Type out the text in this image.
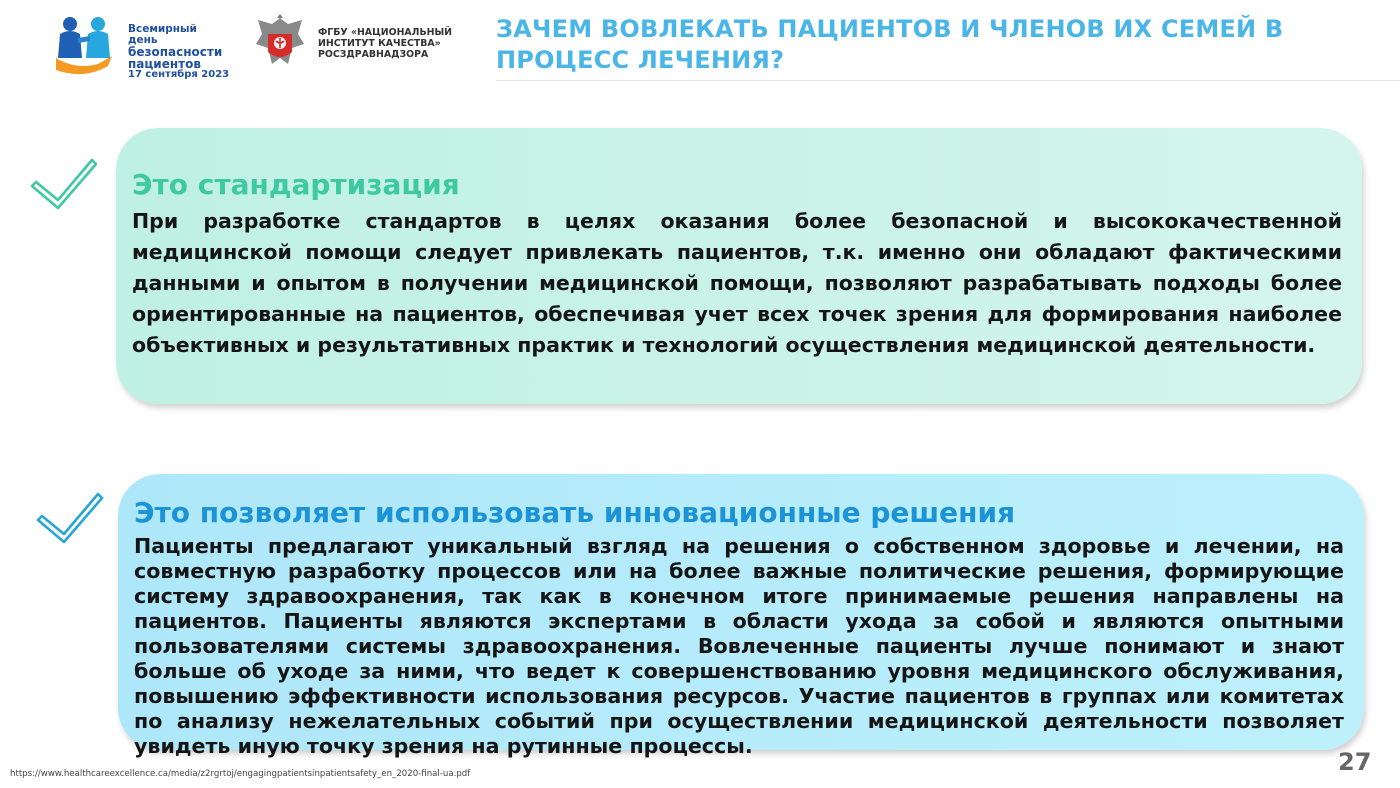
Всемирный день
безопасности
пациентов
17 сентября 2023
ФГБУ «НАЦИОНАЛЬНЫЙ
ИНСТИТУТ КАЧЕСТВА»
РОСЗДРАВНАДЗОРА
ЗАЧЕМ ВОВЛЕКАТЬ ПАЦИЕНТОВ И ЧЛЕНОВ ИХ СЕМЕЙ В ПРОЦЕСС ЛЕЧЕНИЯ?
Это стандартизация

При разработке стандартов в целях оказания более безопасной и высококачественной медицинской помощи следует привлекать пациентов, т.к. именно они обладают фактическими данными и опытом в получении медицинской помощи, позволяют разрабатывать подходы более ориентированные на пациентов, обеспечивая учет всех точек зрения для формирования наиболее объективных и результативных практик и технологий осуществления медицинской деятельности.

Это позволяет использовать инновационные решения

Пациенты предлагают уникальный взгляд на решения о собственном здоровье и лечении, на совместную разработку процессов или на более важные политические решения, формирующие систему здравоохранения, так как в конечном итоге принимаемые решения направлены на пациентов. Пациенты являются экспертами в области ухода за собой и являются опытными пользователями системы здравоохранения. Вовлеченные пациенты лучше понимают и знают больше об уходе за ними, что ведет к совершенствованию уровня медицинского обслуживания, повышению эффективности использования ресурсов. Участие пациентов в группах или комитетах по анализу нежелательных событий при осуществлении медицинской деятельности позволяет увидеть иную точку зрения на рутинные процессы.

https://www.healthcareexcellence.ca/media/z2rgrtoj/engagingpatientsinpatientsafety_en_2020-final-ua.pdf	27
